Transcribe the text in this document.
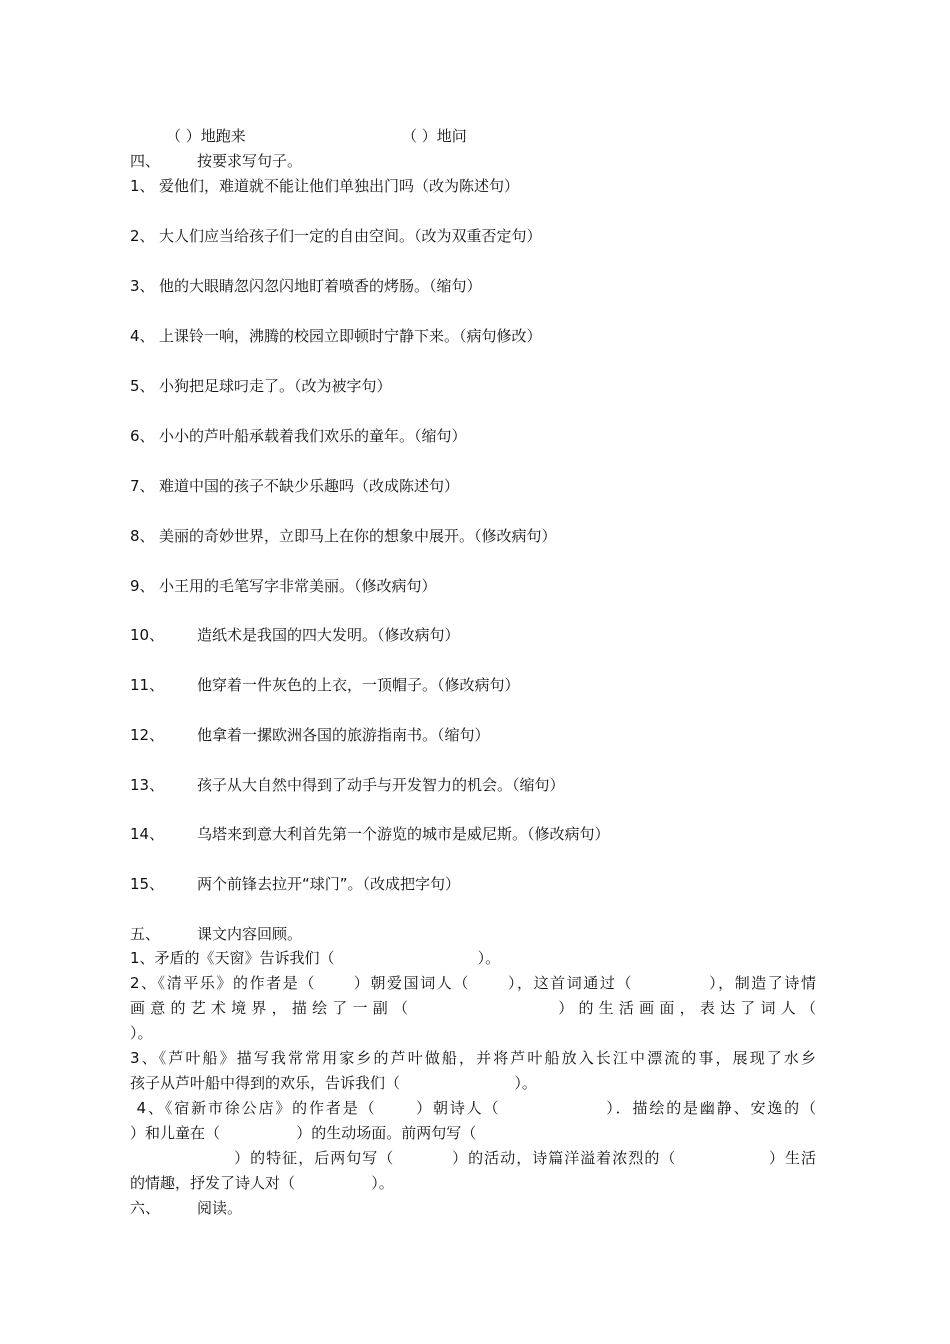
（ ）地跑来	（ ）地问
四、 按要求写句子。
1、 爱他们，难道就不能让他们单独出门吗（改为陈述句）
2、 大人们应当给孩子们一定的自由空间。（改为双重否定句）
3、 他的大眼睛忽闪忽闪地盯着喷香的烤肠。（缩句）
4、 上课铃一响，沸腾的校园立即顿时宁静下来。（病句修改）
5、 小狗把足球叼走了。（改为被字句）
6、 小小的芦叶船承载着我们欢乐的童年。（缩句）
7、 难道中国的孩子不缺少乐趣吗（改成陈述句）
8、 美丽的奇妙世界，立即马上在你的想象中展开。（修改病句）
9、 小王用的毛笔写字非常美丽。（修改病句）
10、 造纸术是我国的四大发明。（修改病句）
11、 他穿着一件灰色的上衣，一顶帽子。（修改病句）
12、 他拿着一摞欧洲各国的旅游指南书。（缩句）
13、 孩子从大自然中得到了动手与开发智力的机会。（缩句）
14、 乌塔来到意大利首先第一个游览的城市是威尼斯。（修改病句）
15、 两个前锋去拉开“球门”。（改成把字句）
五、 课文内容回顾。
1、矛盾的《天窗》告诉我们（                              ）。
2、《清平乐》的作者是（      ）朝爱国词人（      ），这首词通过（            ），制造了诗情
画 意 的 艺 术 境 界 ， 描 绘 了 一 副 （                              ） 的 生 活 画 面 ， 表 达 了 词 人 （
）。
3、《芦叶船》描写我常常用家乡的芦叶做船，并将芦叶船放入长江中漂流的事，展现了水乡
孩子从芦叶船中得到的欢乐，告诉我们（                        ）。
4、《宿新市徐公店》的作者是（      ）朝诗人（                ）．描绘的是幽静、安逸的（
）和儿童在（                ）的生动场面。前两句写（
）的特征，后两句写（          ）的活动，诗篇洋溢着浓烈的（                ）生活
的情趣，抒发了诗人对（                ）。
六、 阅读。
